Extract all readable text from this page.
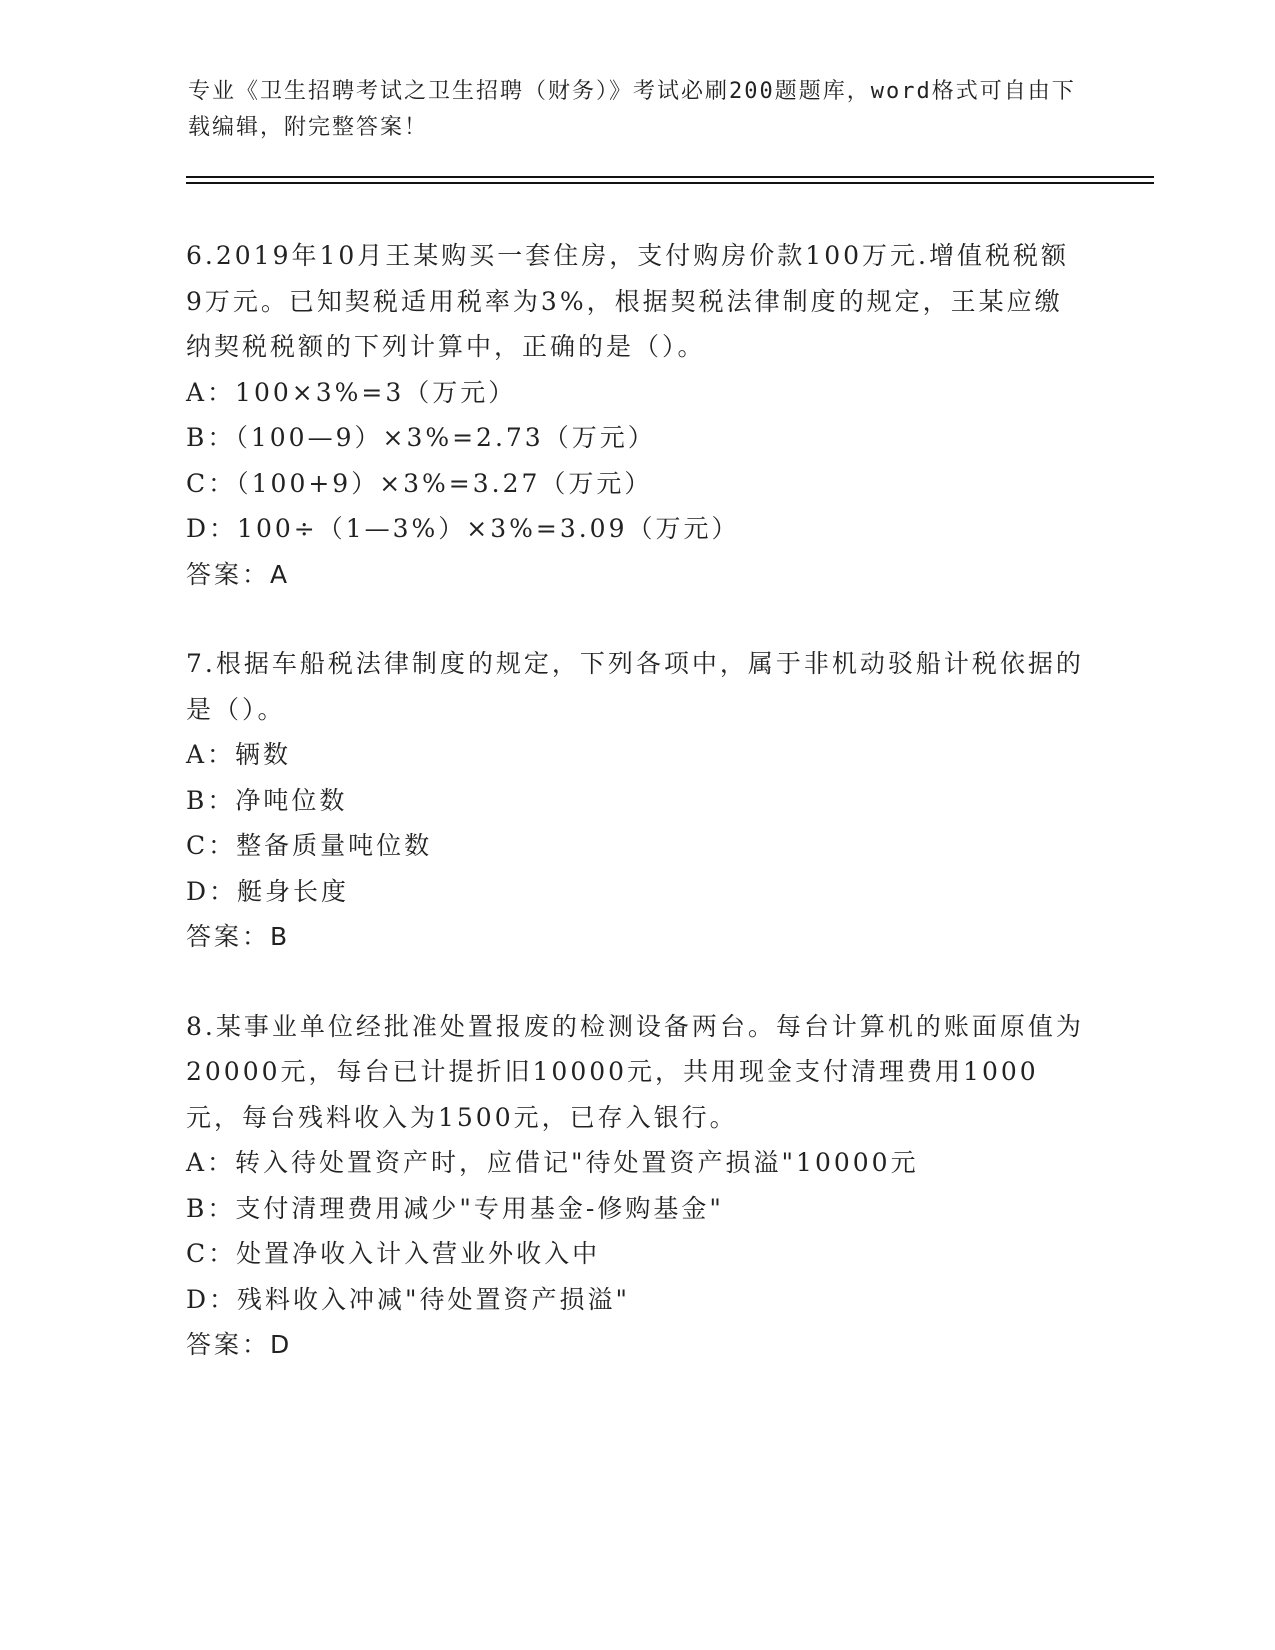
专业《卫生招聘考试之卫生招聘（财务）》考试必刷200题题库，word格式可自由下载编辑，附完整答案！

6.2019年10月王某购买一套住房，支付购房价款100万元.增值税税额9万元。已知契税适用税率为3%，根据契税法律制度的规定，王某应缴纳契税税额的下列计算中，正确的是（）。

A：100×3%=3（万元）

B：（100—9）×3%=2.73（万元）

C：（100+9）×3%=3.27（万元）

D：100÷（1—3%）×3%=3.09（万元）

答案：A

7.根据车船税法律制度的规定，下列各项中，属于非机动驳船计税依据的是（）。

A：辆数

B：净吨位数

C：整备质量吨位数

D：艇身长度

答案：B

8.某事业单位经批准处置报废的检测设备两台。每台计算机的账面原值为20000元，每台已计提折旧10000元，共用现金支付清理费用1000元，每台残料收入为1500元，已存入银行。

A：转入待处置资产时，应借记"待处置资产损溢"10000元

B：支付清理费用减少"专用基金-修购基金"

C：处置净收入计入营业外收入中

D：残料收入冲减"待处置资产损溢"

答案：D
